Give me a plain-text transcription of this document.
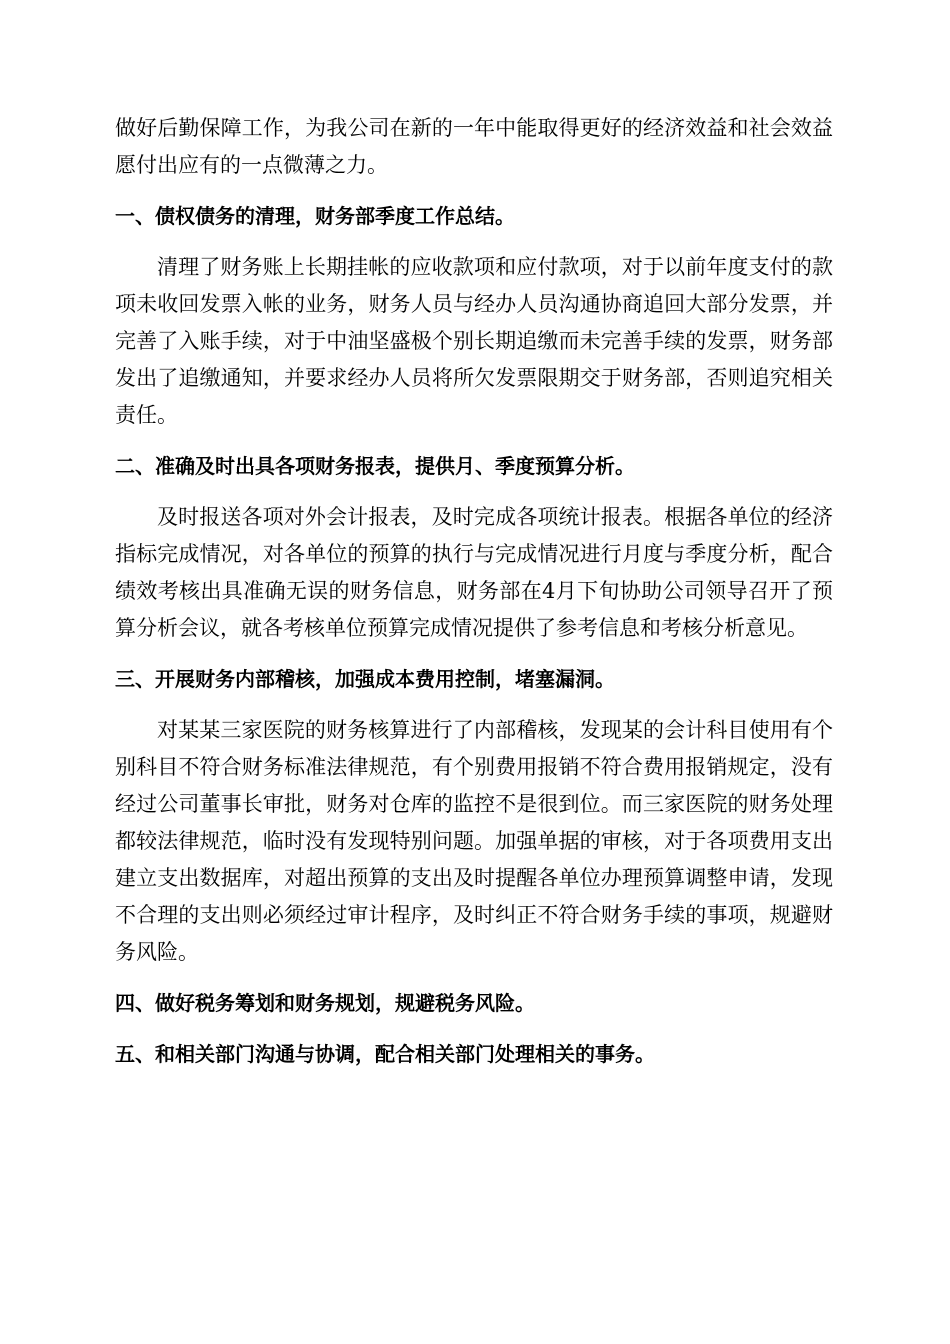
做好后勤保障工作，为我公司在新的一年中能取得更好的经济效益和社会效益愿付出应有的一点微薄之力。

一、债权债务的清理，财务部季度工作总结。

清理了财务账上长期挂帐的应收款项和应付款项，对于以前年度支付的款项未收回发票入帐的业务，财务人员与经办人员沟通协商追回大部分发票，并完善了入账手续，对于中油坚盛极个别长期追缴而未完善手续的发票，财务部发出了追缴通知，并要求经办人员将所欠发票限期交于财务部，否则追究相关责任。

二、准确及时出具各项财务报表，提供月、季度预算分析。

及时报送各项对外会计报表，及时完成各项统计报表。根据各单位的经济指标完成情况，对各单位的预算的执行与完成情况进行月度与季度分析，配合绩效考核出具准确无误的财务信息，财务部在4月下旬协助公司领导召开了预算分析会议，就各考核单位预算完成情况提供了参考信息和考核分析意见。

三、开展财务内部稽核，加强成本费用控制，堵塞漏洞。

对某某三家医院的财务核算进行了内部稽核，发现某的会计科目使用有个别科目不符合财务标准法律规范，有个别费用报销不符合费用报销规定，没有经过公司董事长审批，财务对仓库的监控不是很到位。而三家医院的财务处理都较法律规范，临时没有发现特别问题。加强单据的审核，对于各项费用支出建立支出数据库，对超出预算的支出及时提醒各单位办理预算调整申请，发现不合理的支出则必须经过审计程序，及时纠正不符合财务手续的事项，规避财务风险。

四、做好税务筹划和财务规划，规避税务风险。

五、和相关部门沟通与协调，配合相关部门处理相关的事务。
